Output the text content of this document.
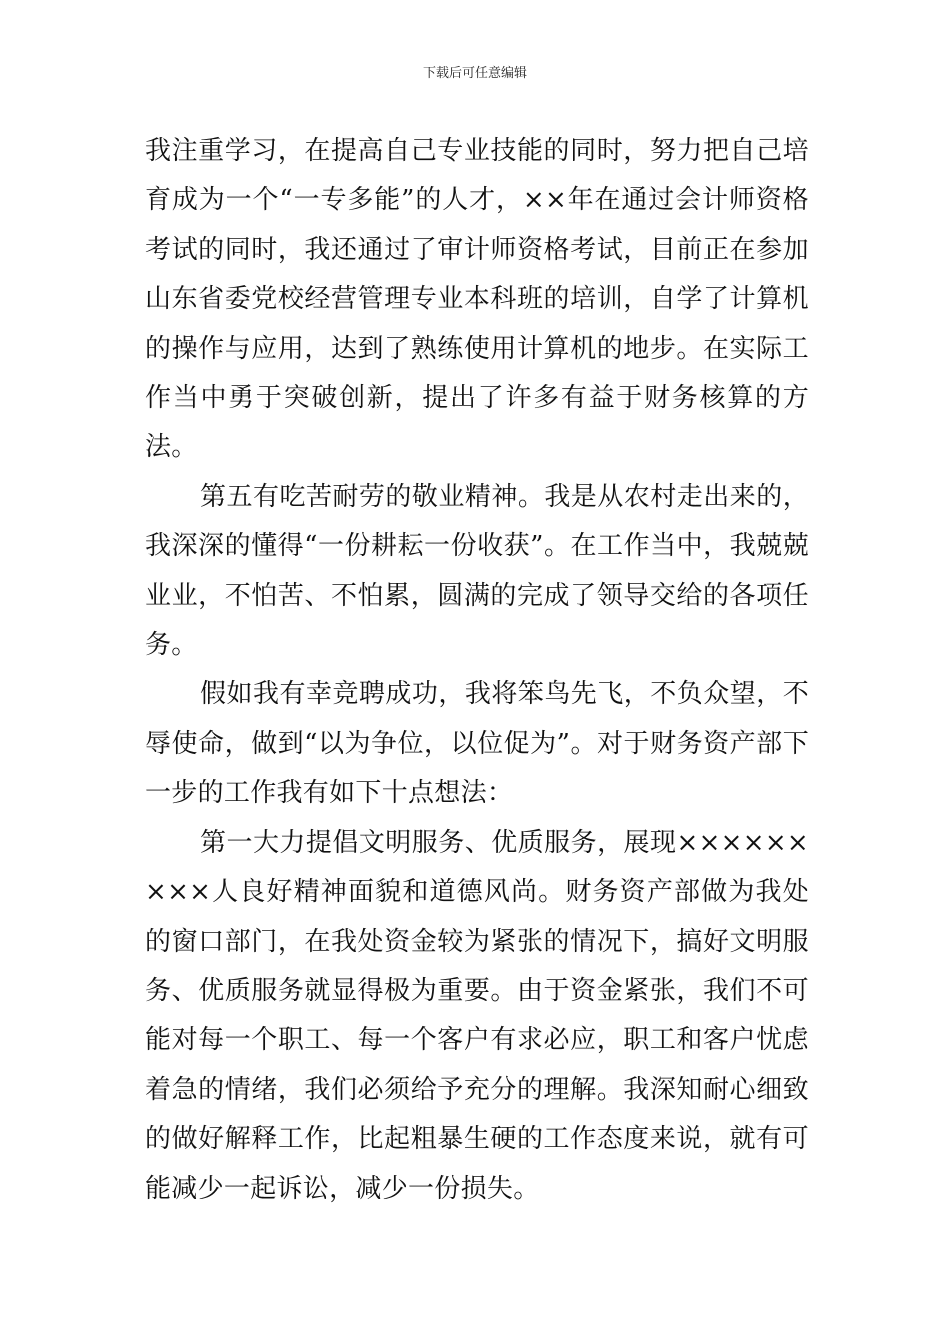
下载后可任意编辑

我注重学习，在提高自己专业技能的同时，努力把自己培育成为一个“一专多能”的人才，××年在通过会计师资格考试的同时，我还通过了审计师资格考试，目前正在参加山东省委党校经营管理专业本科班的培训，自学了计算机的操作与应用，达到了熟练使用计算机的地步。在实际工作当中勇于突破创新，提出了许多有益于财务核算的方法。

第五有吃苦耐劳的敬业精神。我是从农村走出来的，我深深的懂得“一份耕耘一份收获”。在工作当中，我兢兢业业，不怕苦、不怕累，圆满的完成了领导交给的各项任务。

假如我有幸竞聘成功，我将笨鸟先飞，不负众望，不辱使命，做到“以为争位，以位促为”。对于财务资产部下一步的工作我有如下十点想法：

第一大力提倡文明服务、优质服务，展现×××××××××人良好精神面貌和道德风尚。财务资产部做为我处的窗口部门，在我处资金较为紧张的情况下，搞好文明服务、优质服务就显得极为重要。由于资金紧张，我们不可能对每一个职工、每一个客户有求必应，职工和客户忧虑着急的情绪，我们必须给予充分的理解。我深知耐心细致的做好解释工作，比起粗暴生硬的工作态度来说，就有可能减少一起诉讼，减少一份损失。
